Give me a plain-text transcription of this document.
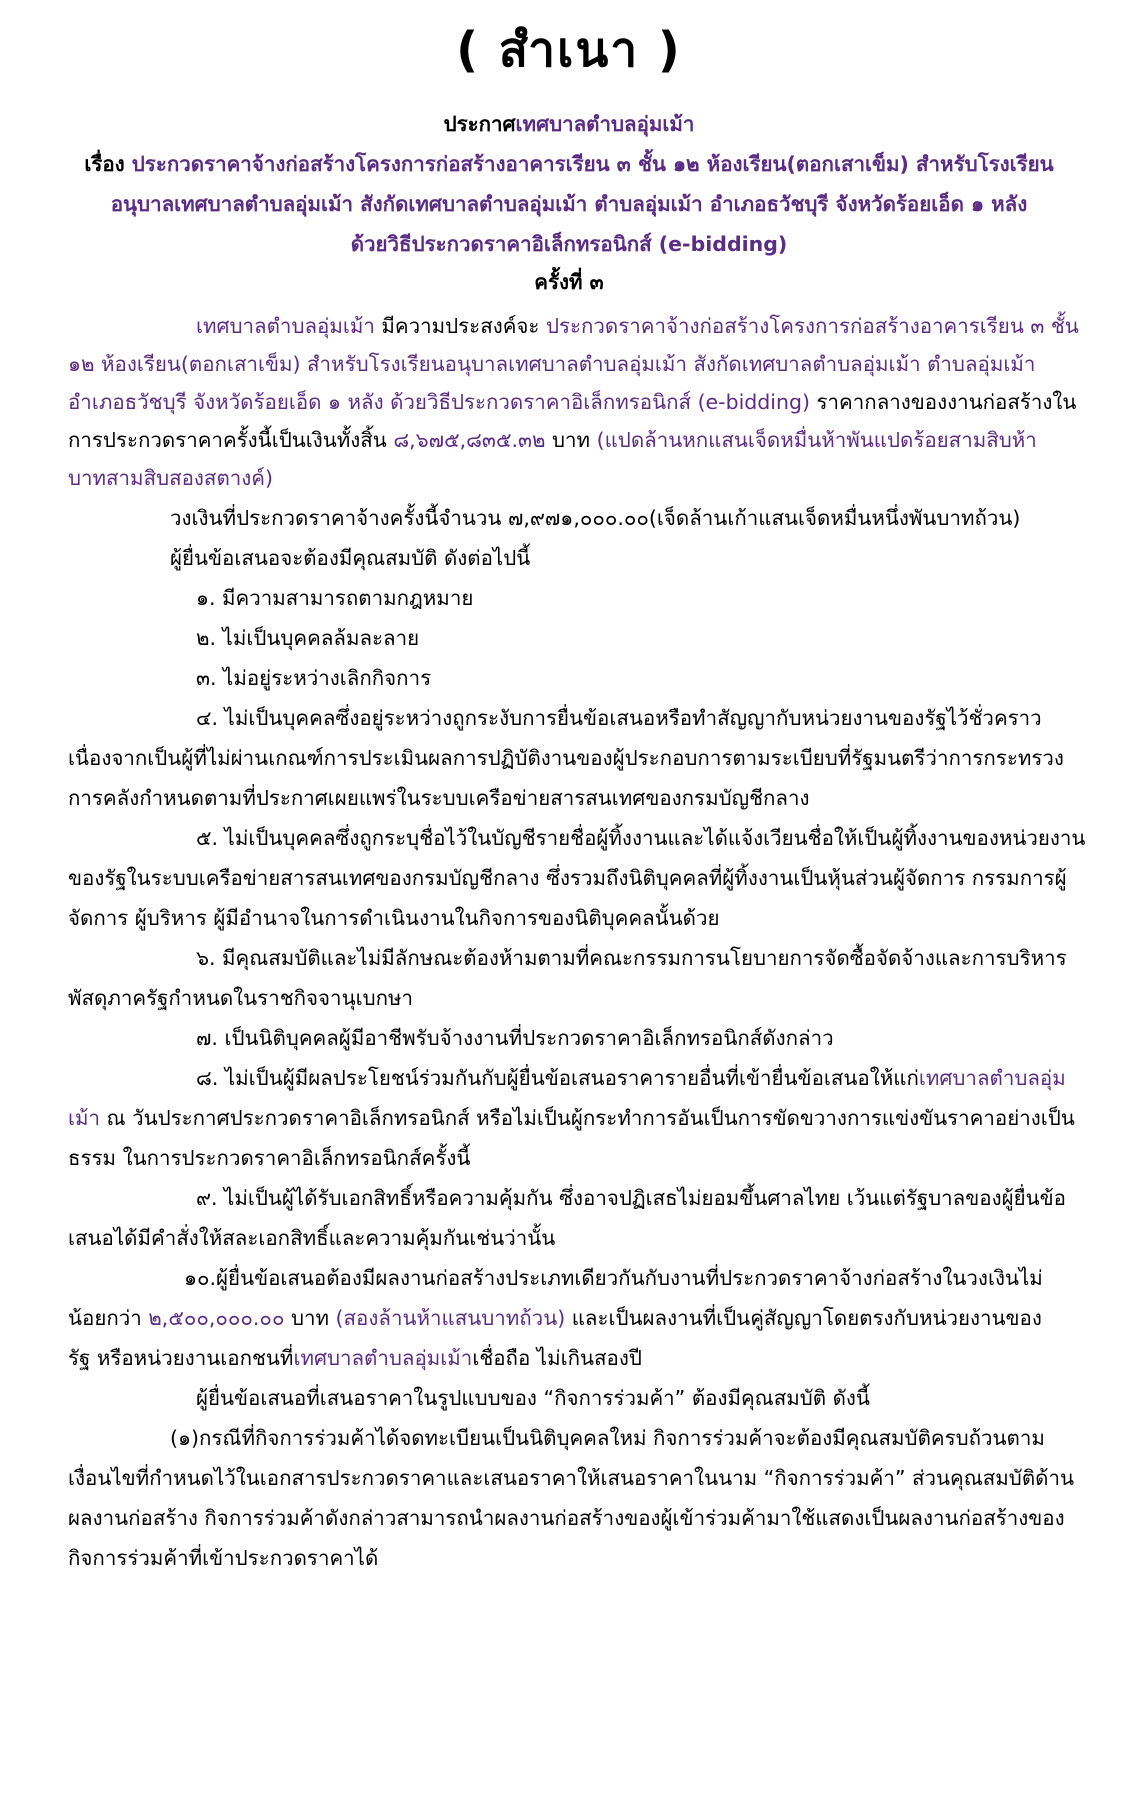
( สำเนา )
ประกาศเทศบาลตำบลอุ่มเม้า
เรื่อง ประกวดราคาจ้างก่อสร้างโครงการก่อสร้างอาคารเรียน ๓ ชั้น ๑๒ ห้องเรียน(ตอกเสาเข็ม) สำหรับโรงเรียน
อนุบาลเทศบาลตำบลอุ่มเม้า สังกัดเทศบาลตำบลอุ่มเม้า ตำบลอุ่มเม้า อำเภอธวัชบุรี จังหวัดร้อยเอ็ด ๑ หลัง
ด้วยวิธีประกวดราคาอิเล็กทรอนิกส์ (e-bidding)
ครั้งที่ ๓
เทศบาลตำบลอุ่มเม้า มีความประสงค์จะ ประกวดราคาจ้างก่อสร้างโครงการก่อสร้างอาคารเรียน ๓ ชั้น
๑๒ ห้องเรียน(ตอกเสาเข็ม) สำหรับโรงเรียนอนุบาลเทศบาลตำบลอุ่มเม้า สังกัดเทศบาลตำบลอุ่มเม้า ตำบลอุ่มเม้า
อำเภอธวัชบุรี จังหวัดร้อยเอ็ด ๑ หลัง ด้วยวิธีประกวดราคาอิเล็กทรอนิกส์ (e-bidding) ราคากลางของงานก่อสร้างใน
การประกวดราคาครั้งนี้เป็นเงินทั้งสิ้น ๘,๖๗๕,๘๓๕.๓๒ บาท (แปดล้านหกแสนเจ็ดหมื่นห้าพันแปดร้อยสามสิบห้า
บาทสามสิบสองสตางค์)
วงเงินที่ประกวดราคาจ้างครั้งนี้จำนวน ๗,๙๗๑,๐๐๐.๐๐(เจ็ดล้านเก้าแสนเจ็ดหมื่นหนึ่งพันบาทถ้วน)
ผู้ยื่นข้อเสนอจะต้องมีคุณสมบัติ ดังต่อไปนี้
๑. มีความสามารถตามกฎหมาย
๒. ไม่เป็นบุคคลล้มละลาย
๓. ไม่อยู่ระหว่างเลิกกิจการ
๔. ไม่เป็นบุคคลซึ่งอยู่ระหว่างถูกระงับการยื่นข้อเสนอหรือทำสัญญากับหน่วยงานของรัฐไว้ชั่วคราว
เนื่องจากเป็นผู้ที่ไม่ผ่านเกณฑ์การประเมินผลการปฏิบัติงานของผู้ประกอบการตามระเบียบที่รัฐมนตรีว่าการกระทรวง
การคลังกำหนดตามที่ประกาศเผยแพร่ในระบบเครือข่ายสารสนเทศของกรมบัญชีกลาง
๕. ไม่เป็นบุคคลซึ่งถูกระบุชื่อไว้ในบัญชีรายชื่อผู้ทิ้งงานและได้แจ้งเวียนชื่อให้เป็นผู้ทิ้งงานของหน่วยงาน
ของรัฐในระบบเครือข่ายสารสนเทศของกรมบัญชีกลาง ซึ่งรวมถึงนิติบุคคลที่ผู้ทิ้งงานเป็นหุ้นส่วนผู้จัดการ กรรมการผู้
จัดการ ผู้บริหาร ผู้มีอำนาจในการดำเนินงานในกิจการของนิติบุคคลนั้นด้วย
๖. มีคุณสมบัติและไม่มีลักษณะต้องห้ามตามที่คณะกรรมการนโยบายการจัดซื้อจัดจ้างและการบริหาร
พัสดุภาครัฐกำหนดในราชกิจจานุเบกษา
๗. เป็นนิติบุคคลผู้มีอาชีพรับจ้างงานที่ประกวดราคาอิเล็กทรอนิกส์ดังกล่าว
๘. ไม่เป็นผู้มีผลประโยชน์ร่วมกันกับผู้ยื่นข้อเสนอราคารายอื่นที่เข้ายื่นข้อเสนอให้แก่เทศบาลตำบลอุ่ม
เม้า ณ วันประกาศประกวดราคาอิเล็กทรอนิกส์ หรือไม่เป็นผู้กระทำการอันเป็นการขัดขวางการแข่งขันราคาอย่างเป็น
ธรรม ในการประกวดราคาอิเล็กทรอนิกส์ครั้งนี้
๙. ไม่เป็นผู้ได้รับเอกสิทธิ์หรือความคุ้มกัน ซึ่งอาจปฏิเสธไม่ยอมขึ้นศาลไทย เว้นแต่รัฐบาลของผู้ยื่นข้อ
เสนอได้มีคำสั่งให้สละเอกสิทธิ์และความคุ้มกันเช่นว่านั้น
๑๐.ผู้ยื่นข้อเสนอต้องมีผลงานก่อสร้างประเภทเดียวกันกับงานที่ประกวดราคาจ้างก่อสร้างในวงเงินไม่
น้อยกว่า ๒,๕๐๐,๐๐๐.๐๐ บาท (สองล้านห้าแสนบาทถ้วน) และเป็นผลงานที่เป็นคู่สัญญาโดยตรงกับหน่วยงานของ
รัฐ หรือหน่วยงานเอกชนที่เทศบาลตำบลอุ่มเม้าเชื่อถือ ไม่เกินสองปี
ผู้ยื่นข้อเสนอที่เสนอราคาในรูปแบบของ “กิจการร่วมค้า” ต้องมีคุณสมบัติ ดังนี้
(๑)กรณีที่กิจการร่วมค้าได้จดทะเบียนเป็นนิติบุคคลใหม่ กิจการร่วมค้าจะต้องมีคุณสมบัติครบถ้วนตาม
เงื่อนไขที่กำหนดไว้ในเอกสารประกวดราคาและเสนอราคาให้เสนอราคาในนาม “กิจการร่วมค้า” ส่วนคุณสมบัติด้าน
ผลงานก่อสร้าง กิจการร่วมค้าดังกล่าวสามารถนำผลงานก่อสร้างของผู้เข้าร่วมค้ามาใช้แสดงเป็นผลงานก่อสร้างของ
กิจการร่วมค้าที่เข้าประกวดราคาได้
